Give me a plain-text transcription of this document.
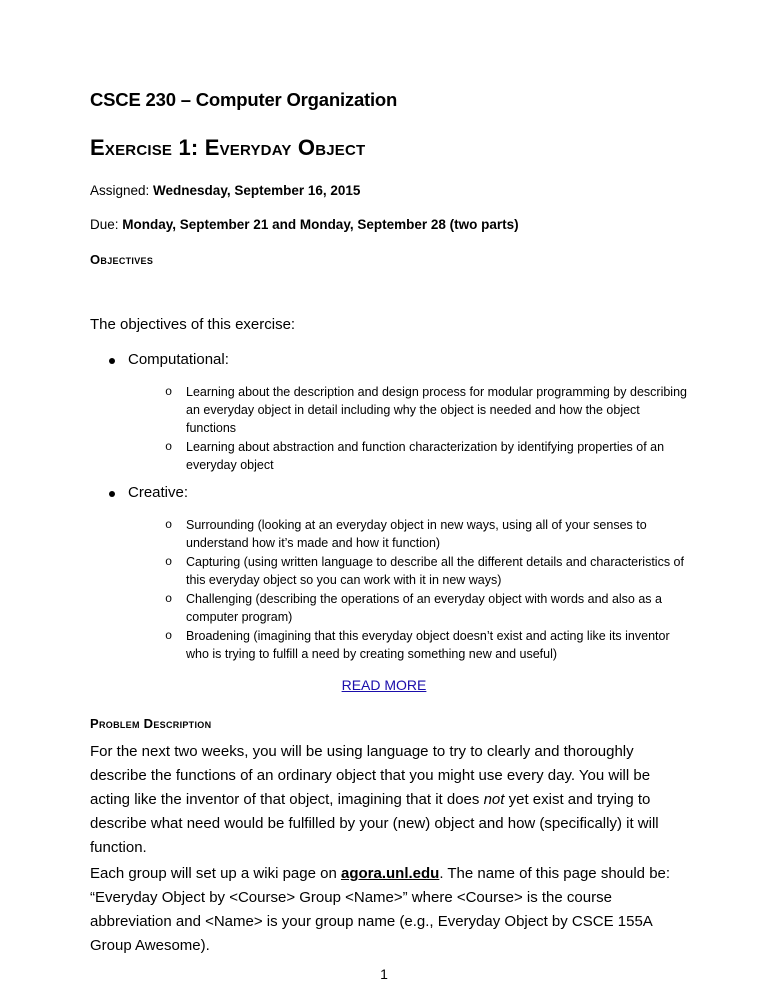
CSCE 230 – Computer Organization
Exercise 1: Everyday Object

Assigned: Wednesday, September 16, 2015

Due: Monday, September 21 and Monday, September 28 (two parts)

Objectives

The objectives of this exercise:

Computational:
o Learning about the description and design process for modular programming by describing an everyday object in detail including why the object is needed and how the object functions
o Learning about abstraction and function characterization by identifying properties of an everyday object
Creative:
o Surrounding (looking at an everyday object in new ways, using all of your senses to understand how it’s made and how it function)
o Capturing (using written language to describe all the different details and characteristics of this everyday object so you can work with it in new ways)
o Challenging (describing the operations of an everyday object with words and also as a computer program)
o Broadening (imagining that this everyday object doesn’t exist and acting like its inventor who is trying to fulfill a need by creating something new and useful)
READ MORE
Problem Description

For the next two weeks, you will be using language to try to clearly and thoroughly describe the functions of an ordinary object that you might use every day. You will be acting like the inventor of that object, imagining that it does not yet exist and trying to describe what need would be fulfilled by your (new) object and how (specifically) it will function.

Each group will set up a wiki page on agora.unl.edu. The name of this page should be: “Everyday Object by <Course> Group <Name>” where <Course> is the course abbreviation and <Name> is your group name (e.g., Everyday Object by CSCE 155A Group Awesome).

1
